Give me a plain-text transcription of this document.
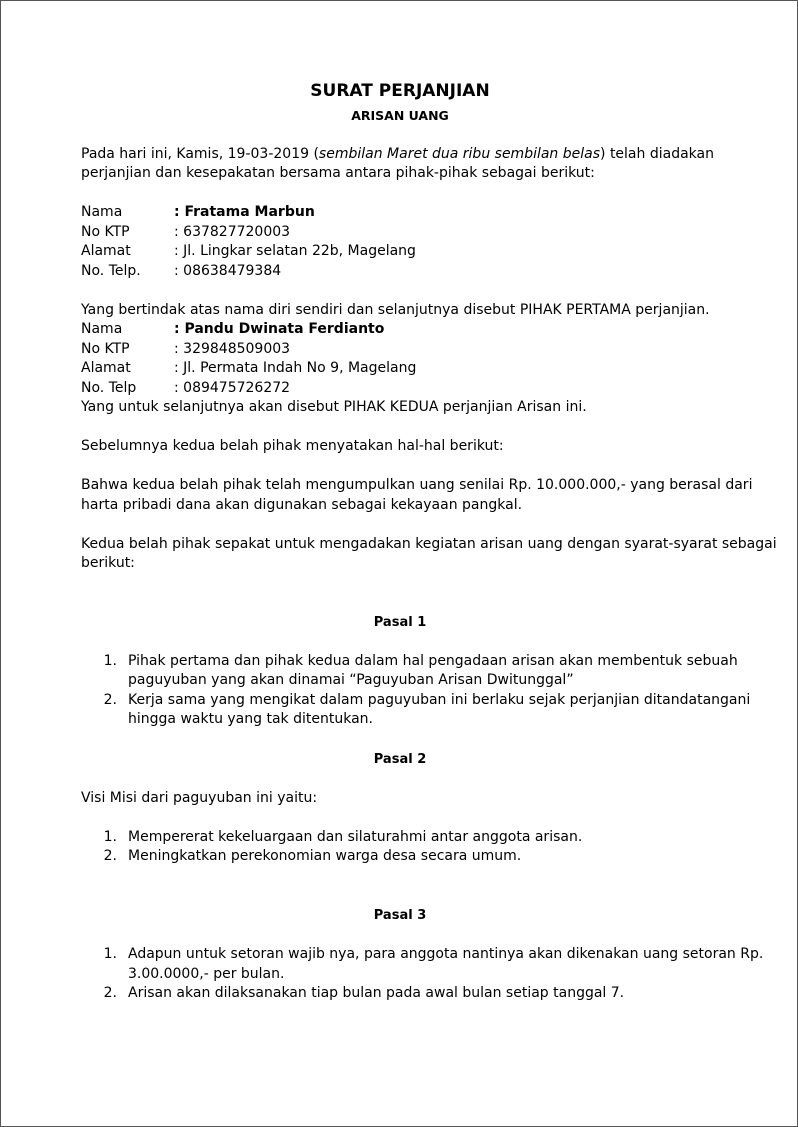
SURAT PERJANJIAN
ARISAN UANG
Pada hari ini, Kamis, 19-03-2019 (sembilan Maret dua ribu sembilan belas) telah diadakan
perjanjian dan kesepakatan bersama antara pihak-pihak sebagai berikut:
Nama	: Fratama Marbun
No KTP	: 637827720003
Alamat	: Jl. Lingkar selatan 22b, Magelang
No. Telp. : 08638479384
Yang bertindak atas nama diri sendiri dan selanjutnya disebut PIHAK PERTAMA perjanjian.
Nama	: Pandu Dwinata Ferdianto
No KTP	: 329848509003
Alamat	: Jl. Permata Indah No 9, Magelang
No. Telp	: 089475726272
Yang untuk selanjutnya akan disebut PIHAK KEDUA perjanjian Arisan ini.
Sebelumnya kedua belah pihak menyatakan hal-hal berikut:
Bahwa kedua belah pihak telah mengumpulkan uang senilai Rp. 10.000.000,- yang berasal dari
harta pribadi dana akan digunakan sebagai kekayaan pangkal.
Kedua belah pihak sepakat untuk mengadakan kegiatan arisan uang dengan syarat-syarat sebagai
berikut:
Pasal 1
1. Pihak pertama dan pihak kedua dalam hal pengadaan arisan akan membentuk sebuah
paguyuban yang akan dinamai “Paguyuban Arisan Dwitunggal”
2. Kerja sama yang mengikat dalam paguyuban ini berlaku sejak perjanjian ditandatangani
hingga waktu yang tak ditentukan.
Pasal 2
Visi Misi dari paguyuban ini yaitu:
1. Mempererat kekeluargaan dan silaturahmi antar anggota arisan.
2. Meningkatkan perekonomian warga desa secara umum.
Pasal 3
1. Adapun untuk setoran wajib nya, para anggota nantinya akan dikenakan uang setoran Rp.
3.00.0000,- per bulan.
2. Arisan akan dilaksanakan tiap bulan pada awal bulan setiap tanggal 7.
